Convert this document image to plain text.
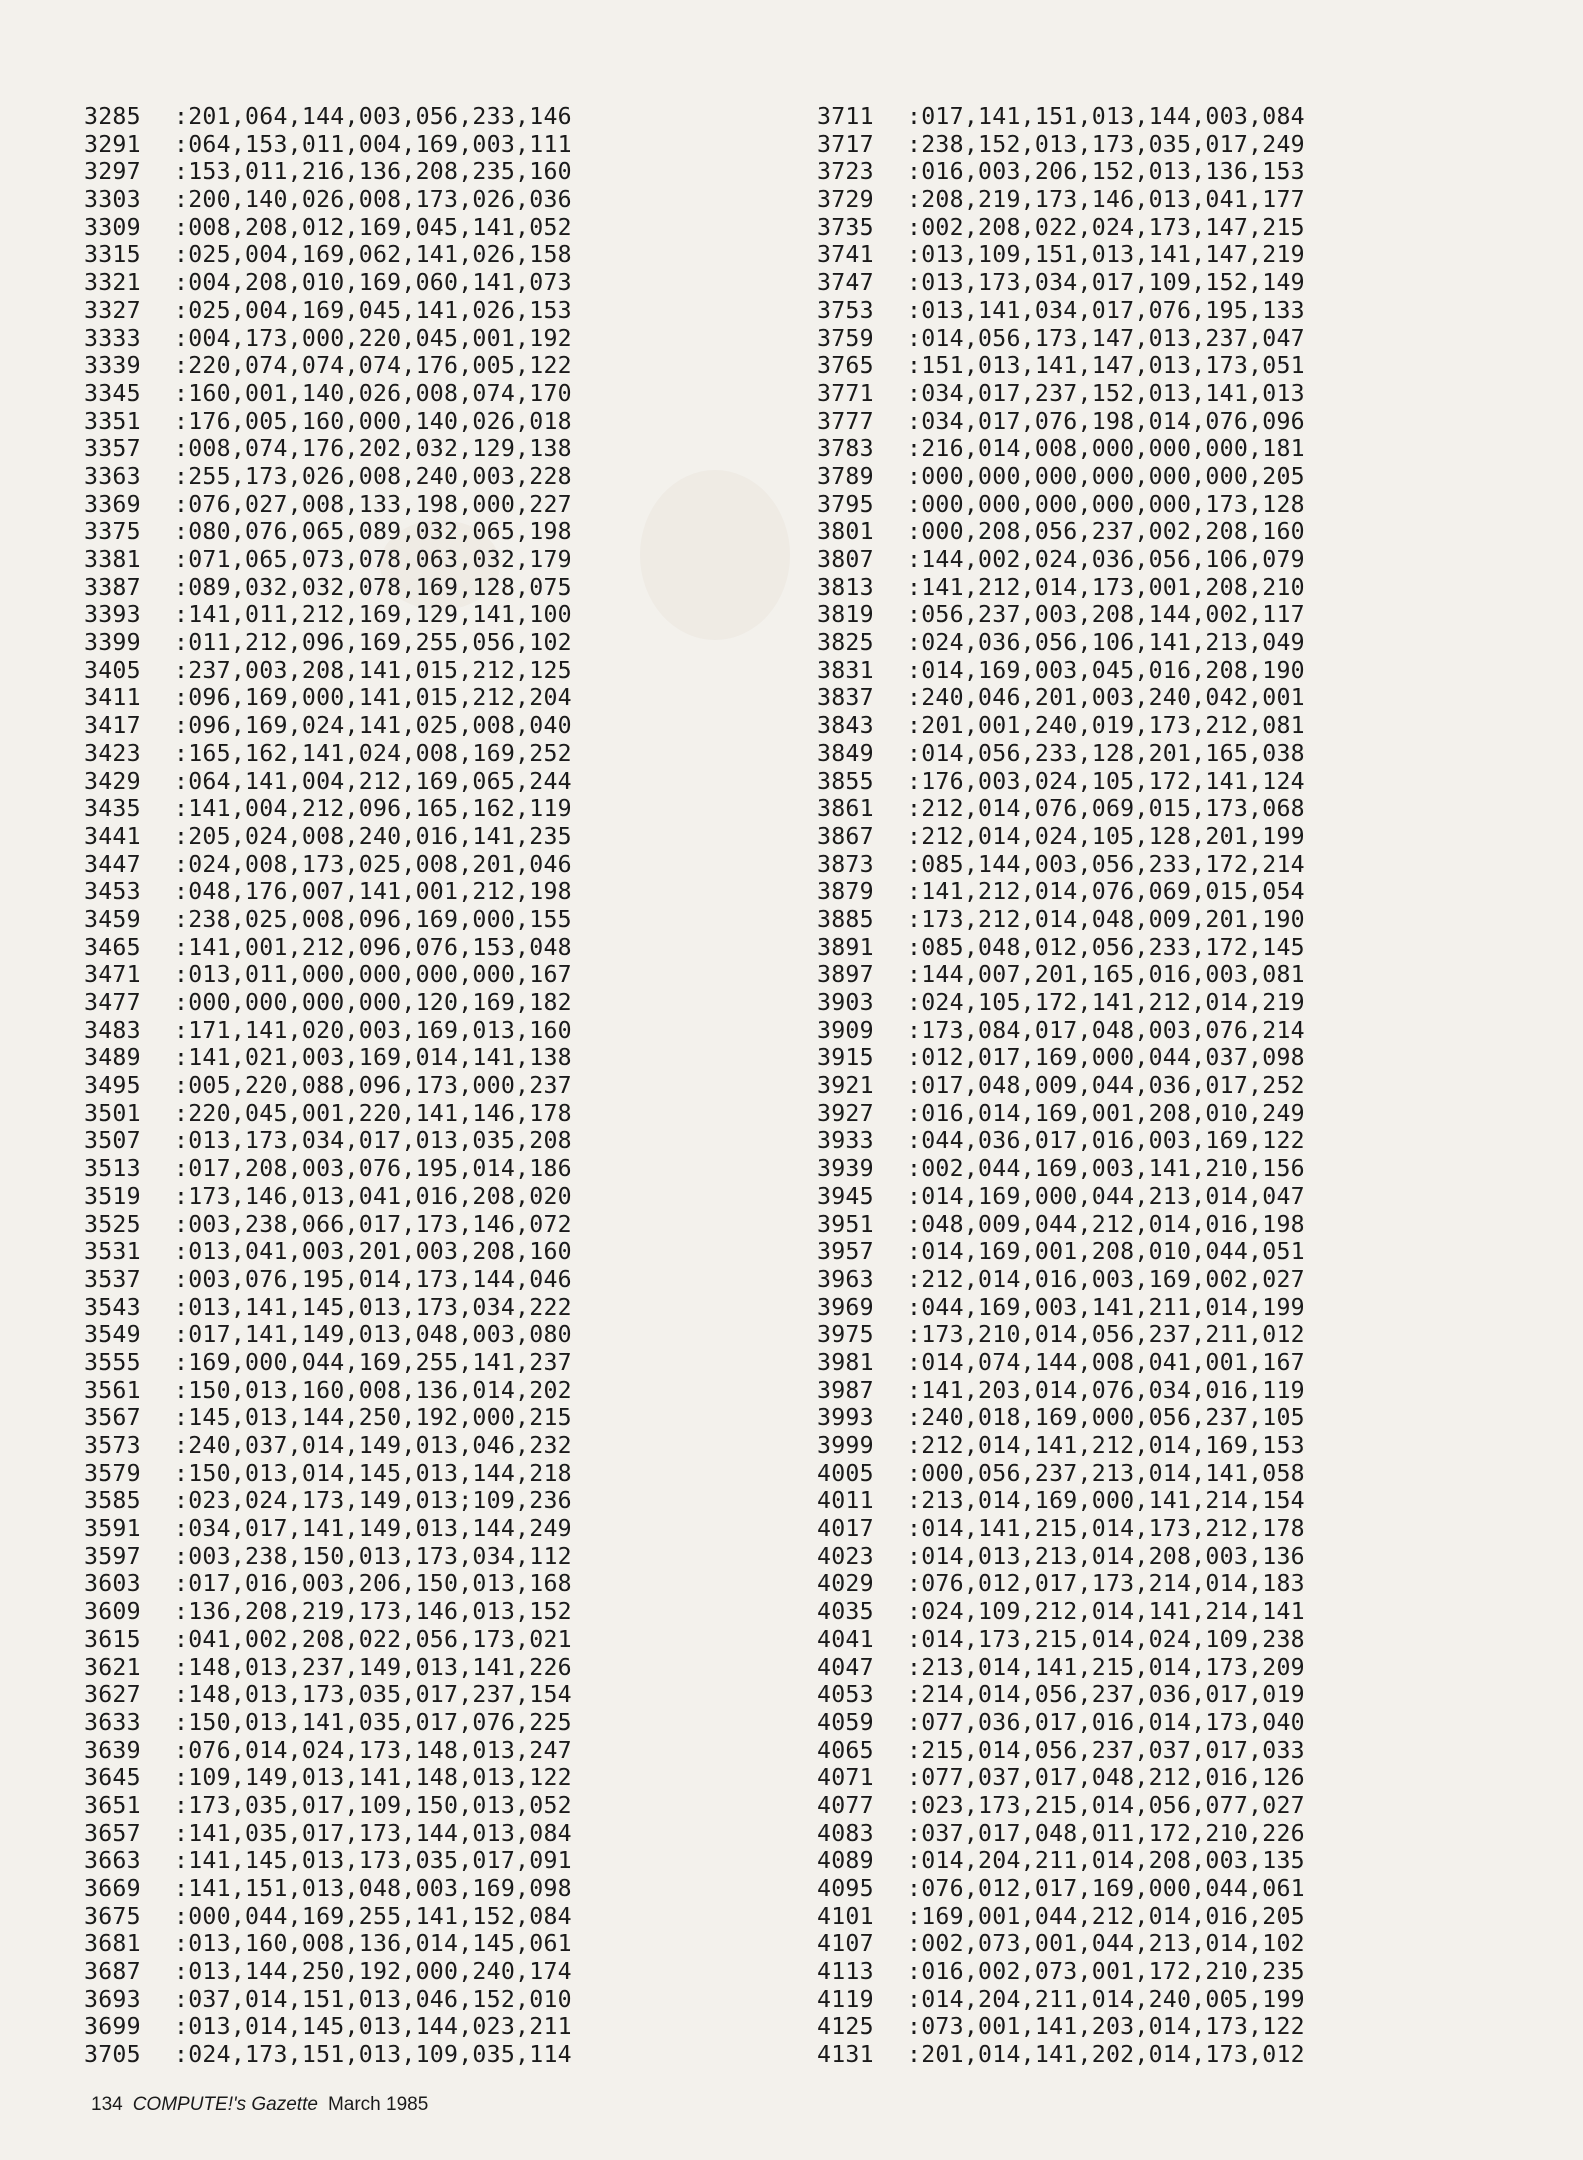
3285 :201,064,144,003,056,233,146
3291 :064,153,011,004,169,003,111
3297 :153,011,216,136,208,235,160
3303 :200,140,026,008,173,026,036
3309 :008,208,012,169,045,141,052
3315 :025,004,169,062,141,026,158
3321 :004,208,010,169,060,141,073
3327 :025,004,169,045,141,026,153
3333 :004,173,000,220,045,001,192
3339 :220,074,074,074,176,005,122
3345 :160,001,140,026,008,074,170
3351 :176,005,160,000,140,026,018
3357 :008,074,176,202,032,129,138
3363 :255,173,026,008,240,003,228
3369 :076,027,008,133,198,000,227
3375 :080,076,065,089,032,065,198
3381 :071,065,073,078,063,032,179
3387 :089,032,032,078,169,128,075
3393 :141,011,212,169,129,141,100
3399 :011,212,096,169,255,056,102
3405 :237,003,208,141,015,212,125
3411 :096,169,000,141,015,212,204
3417 :096,169,024,141,025,008,040
3423 :165,162,141,024,008,169,252
3429 :064,141,004,212,169,065,244
3435 :141,004,212,096,165,162,119
3441 :205,024,008,240,016,141,235
3447 :024,008,173,025,008,201,046
3453 :048,176,007,141,001,212,198
3459 :238,025,008,096,169,000,155
3465 :141,001,212,096,076,153,048
3471 :013,011,000,000,000,000,167
3477 :000,000,000,000,120,169,182
3483 :171,141,020,003,169,013,160
3489 :141,021,003,169,014,141,138
3495 :005,220,088,096,173,000,237
3501 :220,045,001,220,141,146,178
3507 :013,173,034,017,013,035,208
3513 :017,208,003,076,195,014,186
3519 :173,146,013,041,016,208,020
3525 :003,238,066,017,173,146,072
3531 :013,041,003,201,003,208,160
3537 :003,076,195,014,173,144,046
3543 :013,141,145,013,173,034,222
3549 :017,141,149,013,048,003,080
3555 :169,000,044,169,255,141,237
3561 :150,013,160,008,136,014,202
3567 :145,013,144,250,192,000,215
3573 :240,037,014,149,013,046,232
3579 :150,013,014,145,013,144,218
3585 :023,024,173,149,013;109,236
3591 :034,017,141,149,013,144,249
3597 :003,238,150,013,173,034,112
3603 :017,016,003,206,150,013,168
3609 :136,208,219,173,146,013,152
3615 :041,002,208,022,056,173,021
3621 :148,013,237,149,013,141,226
3627 :148,013,173,035,017,237,154
3633 :150,013,141,035,017,076,225
3639 :076,014,024,173,148,013,247
3645 :109,149,013,141,148,013,122
3651 :173,035,017,109,150,013,052
3657 :141,035,017,173,144,013,084
3663 :141,145,013,173,035,017,091
3669 :141,151,013,048,003,169,098
3675 :000,044,169,255,141,152,084
3681 :013,160,008,136,014,145,061
3687 :013,144,250,192,000,240,174
3693 :037,014,151,013,046,152,010
3699 :013,014,145,013,144,023,211
3705 :024,173,151,013,109,035,114
3711 :017,141,151,013,144,003,084
3717 :238,152,013,173,035,017,249
3723 :016,003,206,152,013,136,153
3729 :208,219,173,146,013,041,177
3735 :002,208,022,024,173,147,215
3741 :013,109,151,013,141,147,219
3747 :013,173,034,017,109,152,149
3753 :013,141,034,017,076,195,133
3759 :014,056,173,147,013,237,047
3765 :151,013,141,147,013,173,051
3771 :034,017,237,152,013,141,013
3777 :034,017,076,198,014,076,096
3783 :216,014,008,000,000,000,181
3789 :000,000,000,000,000,000,205
3795 :000,000,000,000,000,173,128
3801 :000,208,056,237,002,208,160
3807 :144,002,024,036,056,106,079
3813 :141,212,014,173,001,208,210
3819 :056,237,003,208,144,002,117
3825 :024,036,056,106,141,213,049
3831 :014,169,003,045,016,208,190
3837 :240,046,201,003,240,042,001
3843 :201,001,240,019,173,212,081
3849 :014,056,233,128,201,165,038
3855 :176,003,024,105,172,141,124
3861 :212,014,076,069,015,173,068
3867 :212,014,024,105,128,201,199
3873 :085,144,003,056,233,172,214
3879 :141,212,014,076,069,015,054
3885 :173,212,014,048,009,201,190
3891 :085,048,012,056,233,172,145
3897 :144,007,201,165,016,003,081
3903 :024,105,172,141,212,014,219
3909 :173,084,017,048,003,076,214
3915 :012,017,169,000,044,037,098
3921 :017,048,009,044,036,017,252
3927 :016,014,169,001,208,010,249
3933 :044,036,017,016,003,169,122
3939 :002,044,169,003,141,210,156
3945 :014,169,000,044,213,014,047
3951 :048,009,044,212,014,016,198
3957 :014,169,001,208,010,044,051
3963 :212,014,016,003,169,002,027
3969 :044,169,003,141,211,014,199
3975 :173,210,014,056,237,211,012
3981 :014,074,144,008,041,001,167
3987 :141,203,014,076,034,016,119
3993 :240,018,169,000,056,237,105
3999 :212,014,141,212,014,169,153
4005 :000,056,237,213,014,141,058
4011 :213,014,169,000,141,214,154
4017 :014,141,215,014,173,212,178
4023 :014,013,213,014,208,003,136
4029 :076,012,017,173,214,014,183
4035 :024,109,212,014,141,214,141
4041 :014,173,215,014,024,109,238
4047 :213,014,141,215,014,173,209
4053 :214,014,056,237,036,017,019
4059 :077,036,017,016,014,173,040
4065 :215,014,056,237,037,017,033
4071 :077,037,017,048,212,016,126
4077 :023,173,215,014,056,077,027
4083 :037,017,048,011,172,210,226
4089 :014,204,211,014,208,003,135
4095 :076,012,017,169,000,044,061
4101 :169,001,044,212,014,016,205
4107 :002,073,001,044,213,014,102
4113 :016,002,073,001,172,210,235
4119 :014,204,211,014,240,005,199
4125 :073,001,141,203,014,173,122
4131 :201,014,141,202,014,173,012
134 COMPUTE!'s Gazette March 1985
